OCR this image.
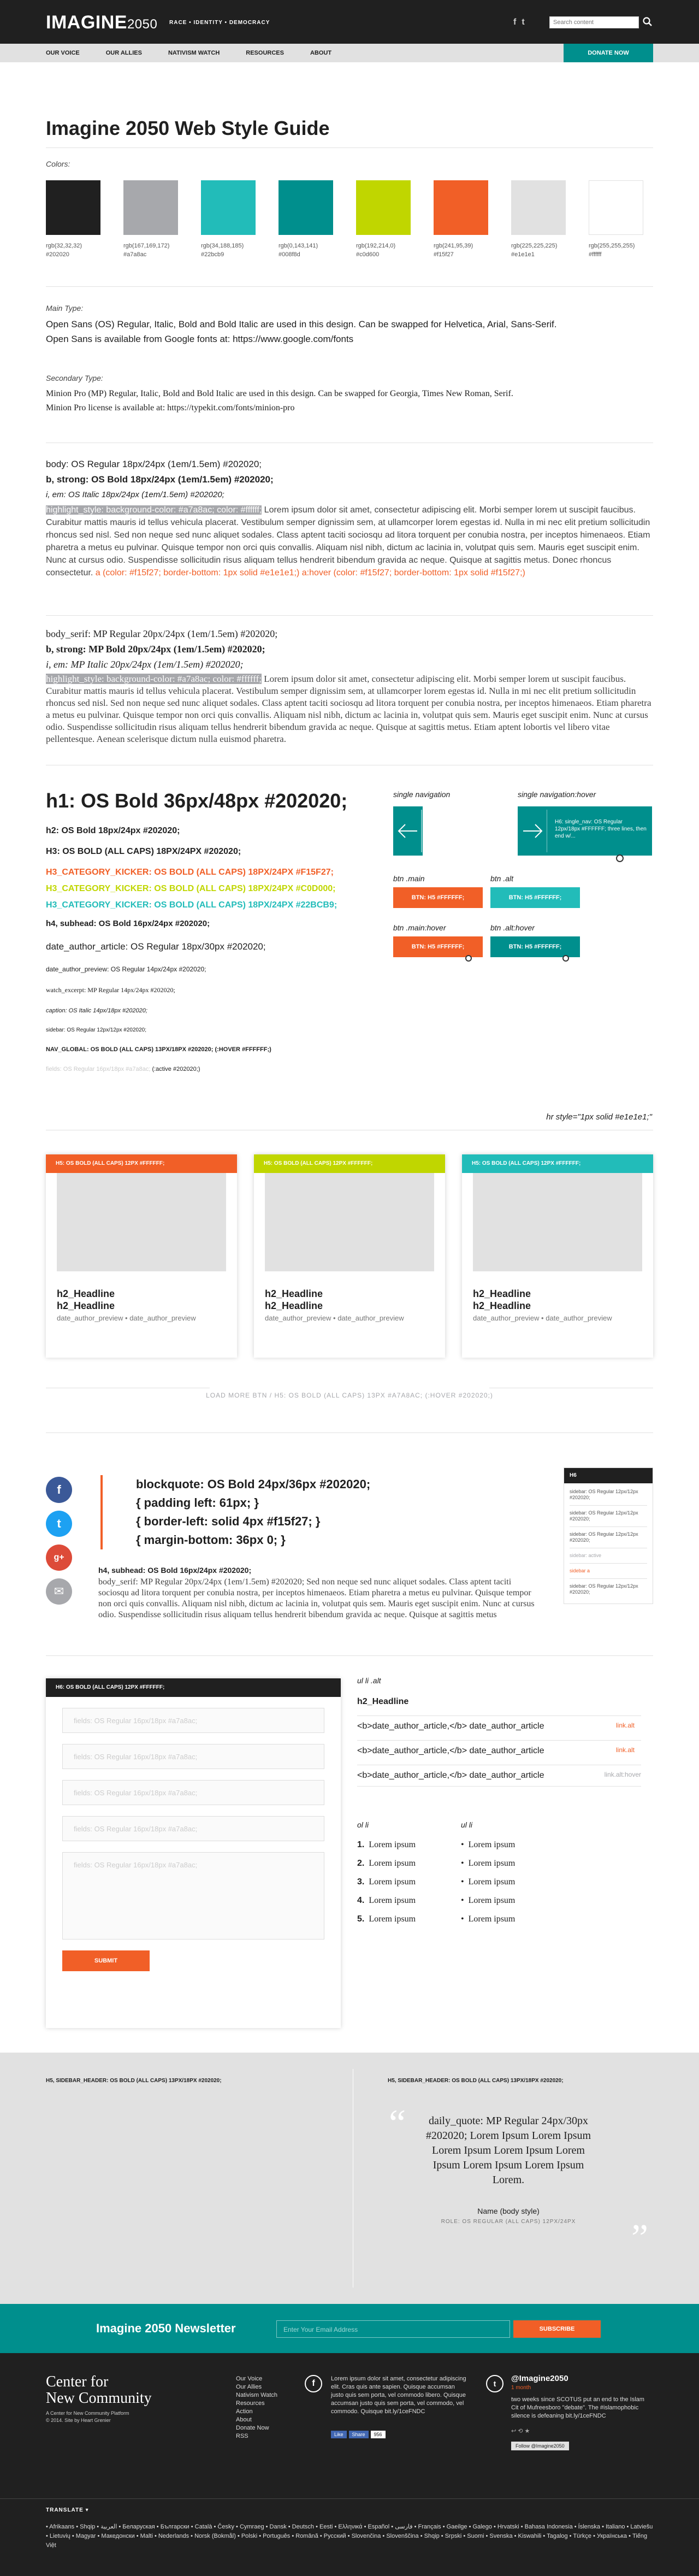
IMAGINE2050 RACE • IDENTITY • DEMOCRACY	f t	Search content
OUR VOICE	OUR ALLIES	NATIVISM WATCH	RESOURCES	ABOUT	DONATE NOW
Imagine 2050 Web Style Guide
Colors:
rgb(32,32,32)
#202020
rgb(167,169,172)
#a7a8ac
rgb(34,188,185)
#22bcb9
rgb(0,143,141)
#008f8d
rgb(192,214,0)
#c0d600
rgb(241,95,39)
#f15f27
rgb(225,225,225)
#e1e1e1
rgb(255,255,255)
#ffffff
Main Type:
Open Sans (OS) Regular, Italic, Bold and Bold Italic are used in this design. Can be swapped for Helvetica, Arial, Sans-Serif.
Open Sans is available from Google fonts at: https://www.google.com/fonts
Secondary Type:
Minion Pro (MP) Regular, Italic, Bold and Bold Italic are used in this design. Can be swapped for Georgia, Times New Roman, Serif.
Minion Pro license is available at: https://typekit.com/fonts/minion-pro
body: OS Regular 18px/24px (1em/1.5em) #202020;
b, strong: OS Bold 18px/24px (1em/1.5em) #202020;
i, em: OS Italic 18px/24px (1em/1.5em) #202020;
highlight_style: background-color: #a7a8ac; color: #ffffff; Lorem ipsum dolor sit amet, consectetur adipiscing elit. Morbi semper lorem ut suscipit faucibus. Curabitur mattis mauris id tellus vehicula placerat. Vestibulum semper dignissim sem, at ullamcorper lorem egestas id. Nulla in mi nec elit pretium sollicitudin rhoncus sed nisl. Sed non neque sed nunc aliquet sodales. Class aptent taciti sociosqu ad litora torquent per conubia nostra, per inceptos himenaeos. Etiam pharetra a metus eu pulvinar. Quisque tempor non orci quis convallis. Aliquam nisl nibh, dictum ac lacinia in, volutpat quis sem. Mauris eget suscipit enim. Nunc at cursus odio. Suspendisse sollicitudin risus aliquam tellus hendrerit bibendum gravida ac neque. Quisque at sagittis metus. Donec rhoncus consectetur. a (color: #f15f27; border-bottom: 1px solid #e1e1e1;) a:hover (color: #f15f27; border-bottom: 1px solid #f15f27;)
body_serif: MP Regular 20px/24px (1em/1.5em) #202020;
b, strong: MP Bold 20px/24px (1em/1.5em) #202020;
i, em: MP Italic 20px/24px (1em/1.5em) #202020;
highlight_style: background-color: #a7a8ac; color: #ffffff; Lorem ipsum dolor sit amet, consectetur adipiscing elit. Morbi semper lorem ut suscipit faucibus. Curabitur mattis mauris id tellus vehicula placerat. Vestibulum semper dignissim sem, at ullamcorper lorem egestas id. Nulla in mi nec elit pretium sollicitudin rhoncus sed nisl. Sed non neque sed nunc aliquet sodales. Class aptent taciti sociosqu ad litora torquent per conubia nostra, per inceptos himenaeos. Etiam pharetra a metus eu pulvinar. Quisque tempor non orci quis convallis. Aliquam nisl nibh, dictum ac lacinia in, volutpat quis sem. Mauris eget suscipit enim. Nunc at cursus odio. Suspendisse sollicitudin risus aliquam tellus hendrerit bibendum gravida ac neque. Quisque at sagittis metus. Etiam aptent lobortis vel libero vitae pellentesque. Aenean scelerisque dictum nulla euismod pharetra.
h1: OS Bold 36px/48px #202020;
h2: OS Bold 18px/24px #202020;
H3: OS BOLD (ALL CAPS) 18PX/24PX #202020;
H3_CATEGORY_KICKER: OS BOLD (ALL CAPS) 18PX/24PX #F15F27;
H3_CATEGORY_KICKER: OS BOLD (ALL CAPS) 18PX/24PX #C0D000;
H3_CATEGORY_KICKER: OS BOLD (ALL CAPS) 18PX/24PX #22BCB9;
h4, subhead: OS Bold 16px/24px #202020;
date_author_article: OS Regular 18px/30px #202020;
date_author_preview: OS Regular 14px/24px #202020;
watch_excerpt: MP Regular 14px/24px #202020;
caption: OS Italic 14px/18px #202020;
sidebar: OS Regular 12px/12px #202020;
NAV_GLOBAL: OS BOLD (ALL CAPS) 13PX/18PX #202020; (:HOVER #FFFFFF;)
fields: OS Regular 16px/18px #a7a8ac; (:active #202020;)
single navigation	single navigation:hover
H6: single_nav: OS Regular 12px/18px #FFFFFF; three lines, then end w/...
btn .main
BTN: H5 #FFFFFF;
btn .alt
BTN: H5 #FFFFFF;
btn .main:hover
BTN: H5 #FFFFFF;
btn .alt:hover
BTN: H5 #FFFFFF;
hr style="1px solid #e1e1e1;"
H5: OS BOLD (ALL CAPS) 12PX #FFFFFF;
h2_Headline
h2_Headline
date_author_preview • date_author_preview
H5: OS BOLD (ALL CAPS) 12PX #FFFFFF;
h2_Headline
h2_Headline
date_author_preview • date_author_preview
H5: OS BOLD (ALL CAPS) 12PX #FFFFFF;
h2_Headline
h2_Headline
date_author_preview • date_author_preview
LOAD MORE BTN / H5: OS BOLD (ALL CAPS) 13PX #A7A8AC; (:HOVER #202020;)
f
t
g+
✉
blockquote: OS Bold 24px/36px #202020;
{ padding left: 61px; }
{ border-left: solid 4px #f15f27; }
{ margin-bottom: 36px 0; }
h4, subhead: OS Bold 16px/24px #202020;
body_serif: MP Regular 20px/24px (1em/1.5em) #202020; Sed non neque sed nunc aliquet sodales. Class aptent taciti sociosqu ad litora torquent per conubia nostra, per inceptos himenaeos. Etiam pharetra a metus eu pulvinar. Quisque tempor non orci quis convallis. Aliquam nisl nibh, dictum ac lacinia in, volutpat quis sem. Mauris eget suscipit enim. Nunc at cursus odio. Suspendisse sollicitudin risus aliquam tellus hendrerit bibendum gravida ac neque. Quisque at sagittis metus
H6
sidebar: OS Regular 12px/12px #202020;
sidebar: OS Regular 12px/12px #202020;
sidebar: OS Regular 12px/12px #202020;
sidebar: active
sidebar a
sidebar: OS Regular 12px/12px #202020;
H6: OS BOLD (ALL CAPS) 12PX #FFFFFF;
fields: OS Regular 16px/18px #a7a8ac;
fields: OS Regular 16px/18px #a7a8ac;
fields: OS Regular 16px/18px #a7a8ac;
fields: OS Regular 16px/18px #a7a8ac;
fields: OS Regular 16px/18px #a7a8ac;
SUBMIT
ul li .alt
h2_Headline
<b>date_author_article,</b> date_author_article	link.alt
<b>date_author_article,</b> date_author_article	link.alt
<b>date_author_article,</b> date_author_article	link.alt:hover
ol li	ul li
1. Lorem ipsum
2. Lorem ipsum
3. Lorem ipsum
4. Lorem ipsum
5. Lorem ipsum
•  Lorem ipsum
•  Lorem ipsum
•  Lorem ipsum
•  Lorem ipsum
•  Lorem ipsum
H5, SIDEBAR_HEADER: OS BOLD (ALL CAPS) 13PX/18PX #202020;	H5, SIDEBAR_HEADER: OS BOLD (ALL CAPS) 13PX/18PX #202020;
“	daily_quote: MP Regular 24px/30px #202020; Lorem Ipsum Lorem Ipsum Lorem Ipsum Lorem Ipsum Lorem Ipsum Lorem Ipsum Lorem Ipsum Lorem.
Name (body style)
ROLE: OS REGULAR (ALL CAPS) 12PX/24PX	”
Imagine 2050 Newsletter	Enter Your Email Address	SUBSCRIBE
Center for
New Community
A Center for New Community Platform
© 2014. Site by Heart Grenier
Our Voice
Our Allies
Nativism Watch
Resources
Action
About
Donate Now
RSS
f	Lorem ipsum dolor sit amet, consectetur adipiscing elit. Cras quis ante sapien. Quisque accumsan justo quis sem porta, vel commodo libero. Quisque accumsan justo quis sem porta, vel commodo, vel commodo. Quisque bit.ly/1ceFNDC
Like	Share	956
t
@Imagine2050
1 month
two weeks since SCOTUS put an end to the Islam Cit of Mufreesboro "debate". The #islamophobic silence is defeaning bit.ly/1ceFNDC
↩ ⟲ ★
Follow @Imagine2050
TRANSLATE ▾
• Afrikaans • Shqip • العربية • Беларуская • Български • Català • Česky • Cymraeg • Dansk • Deutsch • Eesti • Ελληνικά • Español • فارسی • Français • Gaeilge • Galego • Hrvatski • Bahasa Indonesia • Íslenska • Italiano • Latviešu • Lietuvių • Magyar • Македонски • Malti • Nederlands • Norsk (Bokmål) • Polski • Português • Română • Русский • Slovenčina • Slovenščina • Shqip • Srpski • Suomi • Svenska • Kiswahili • Tagalog • Türkçe • Українська • Tiếng Việt
